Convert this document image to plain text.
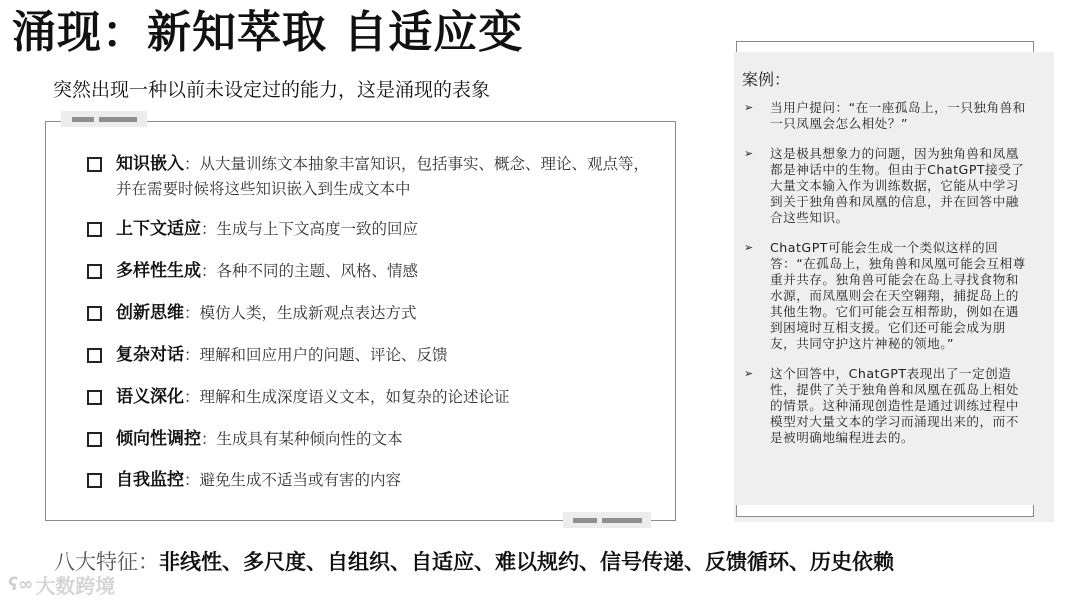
涌现：新知萃取 自适应变
突然出现一种以前未设定过的能力，这是涌现的表象
知识嵌入：从大量训练文本抽象丰富知识，包括事实、概念、理论、观点等，并在需要时候将这些知识嵌入到生成文本中
上下文适应：生成与上下文高度一致的回应
多样性生成：各种不同的主题、风格、情感
创新思维：模仿人类，生成新观点表达方式
复杂对话：理解和回应用户的问题、评论、反馈
语义深化：理解和生成深度语义文本，如复杂的论述论证
倾向性调控：生成具有某种倾向性的文本
自我监控：避免生成不适当或有害的内容
案例：
➢	当用户提问：“在一座孤岛上，一只独角兽和一只凤凰会怎么相处？”
➢	这是极具想象力的问题，因为独角兽和凤凰都是神话中的生物。但由于ChatGPT接受了大量文本输入作为训练数据，它能从中学习到关于独角兽和凤凰的信息，并在回答中融合这些知识。
➢	ChatGPT可能会生成一个类似这样的回答：“在孤岛上，独角兽和凤凰可能会互相尊重并共存。独角兽可能会在岛上寻找食物和水源，而凤凰则会在天空翱翔，捕捉岛上的其他生物。它们可能会互相帮助，例如在遇到困境时互相支援。它们还可能会成为朋友，共同守护这片神秘的领地。”
➢	这个回答中，ChatGPT表现出了一定创造性，提供了关于独角兽和凤凰在孤岛上相处的情景。这种涌现创造性是通过训练过程中模型对大量文本的学习而涌现出来的，而不是被明确地编程进去的。
八大特征：非线性、多尺度、自组织、自适应、难以规约、信号传递、反馈循环、历史依赖
ʕ∞ 大数跨境
